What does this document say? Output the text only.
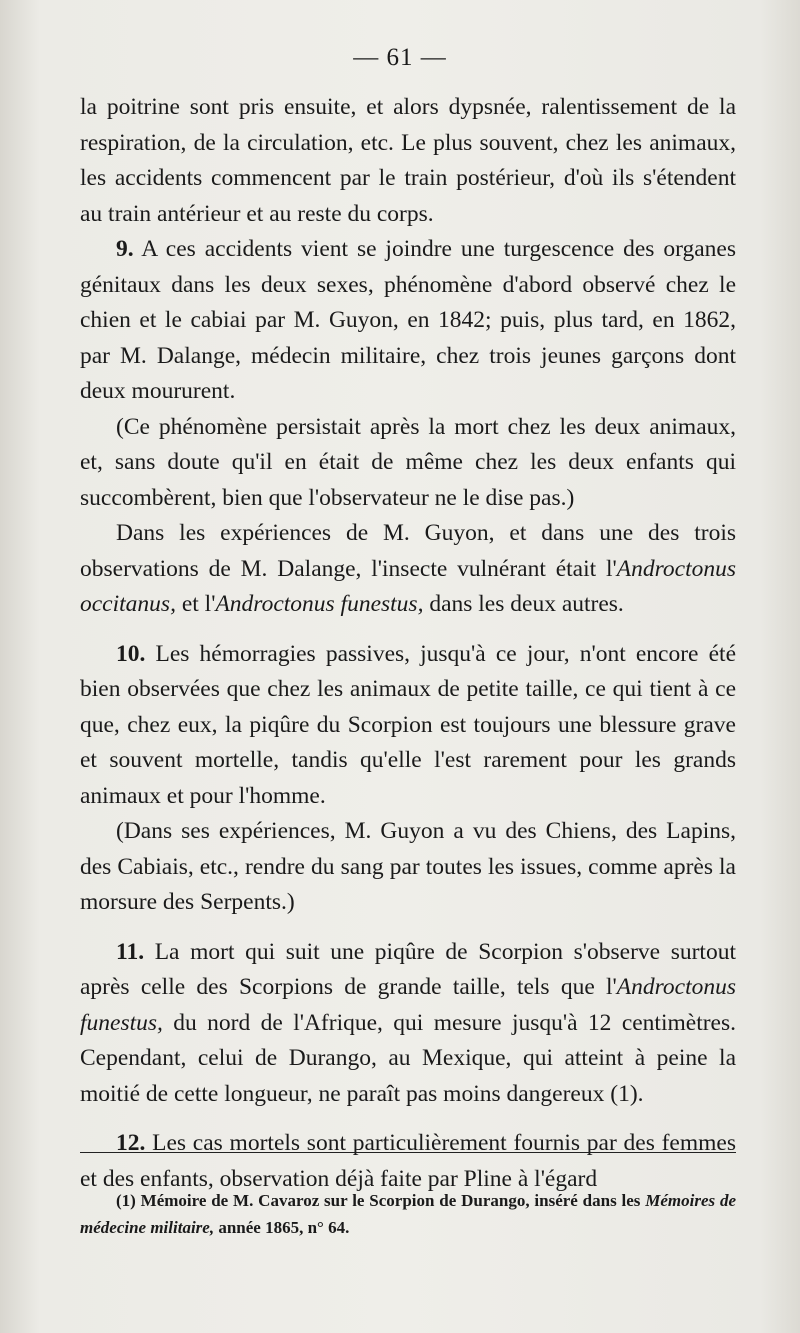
— 61 —

la poitrine sont pris ensuite, et alors dypsnée, ralentissement de la respiration, de la circulation, etc. Le plus souvent, chez les animaux, les accidents commencent par le train postérieur, d'où ils s'étendent au train antérieur et au reste du corps.

9. A ces accidents vient se joindre une turgescence des organes génitaux dans les deux sexes, phénomène d'abord observé chez le chien et le cabiai par M. Guyon, en 1842; puis, plus tard, en 1862, par M. Dalange, médecin militaire, chez trois jeunes garçons dont deux moururent.

(Ce phénomène persistait après la mort chez les deux animaux, et, sans doute qu'il en était de même chez les deux enfants qui succombèrent, bien que l'observateur ne le dise pas.)

Dans les expériences de M. Guyon, et dans une des trois observations de M. Dalange, l'insecte vulnérant était l'Androctonus occitanus, et l'Androctonus funestus, dans les deux autres.

10. Les hémorragies passives, jusqu'à ce jour, n'ont encore été bien observées que chez les animaux de petite taille, ce qui tient à ce que, chez eux, la piqûre du Scorpion est toujours une blessure grave et souvent mortelle, tandis qu'elle l'est rarement pour les grands animaux et pour l'homme.

(Dans ses expériences, M. Guyon a vu des Chiens, des Lapins, des Cabiais, etc., rendre du sang par toutes les issues, comme après la morsure des Serpents.)

11. La mort qui suit une piqûre de Scorpion s'observe surtout après celle des Scorpions de grande taille, tels que l'Androctonus funestus, du nord de l'Afrique, qui mesure jusqu'à 12 centimètres. Cependant, celui de Durango, au Mexique, qui atteint à peine la moitié de cette longueur, ne paraît pas moins dangereux (1).

12. Les cas mortels sont particulièrement fournis par des femmes et des enfants, observation déjà faite par Pline à l'égard

(1) Mémoire de M. Cavaroz sur le Scorpion de Durango, inséré dans les Mémoires de médecine militaire, année 1865, n° 64.
